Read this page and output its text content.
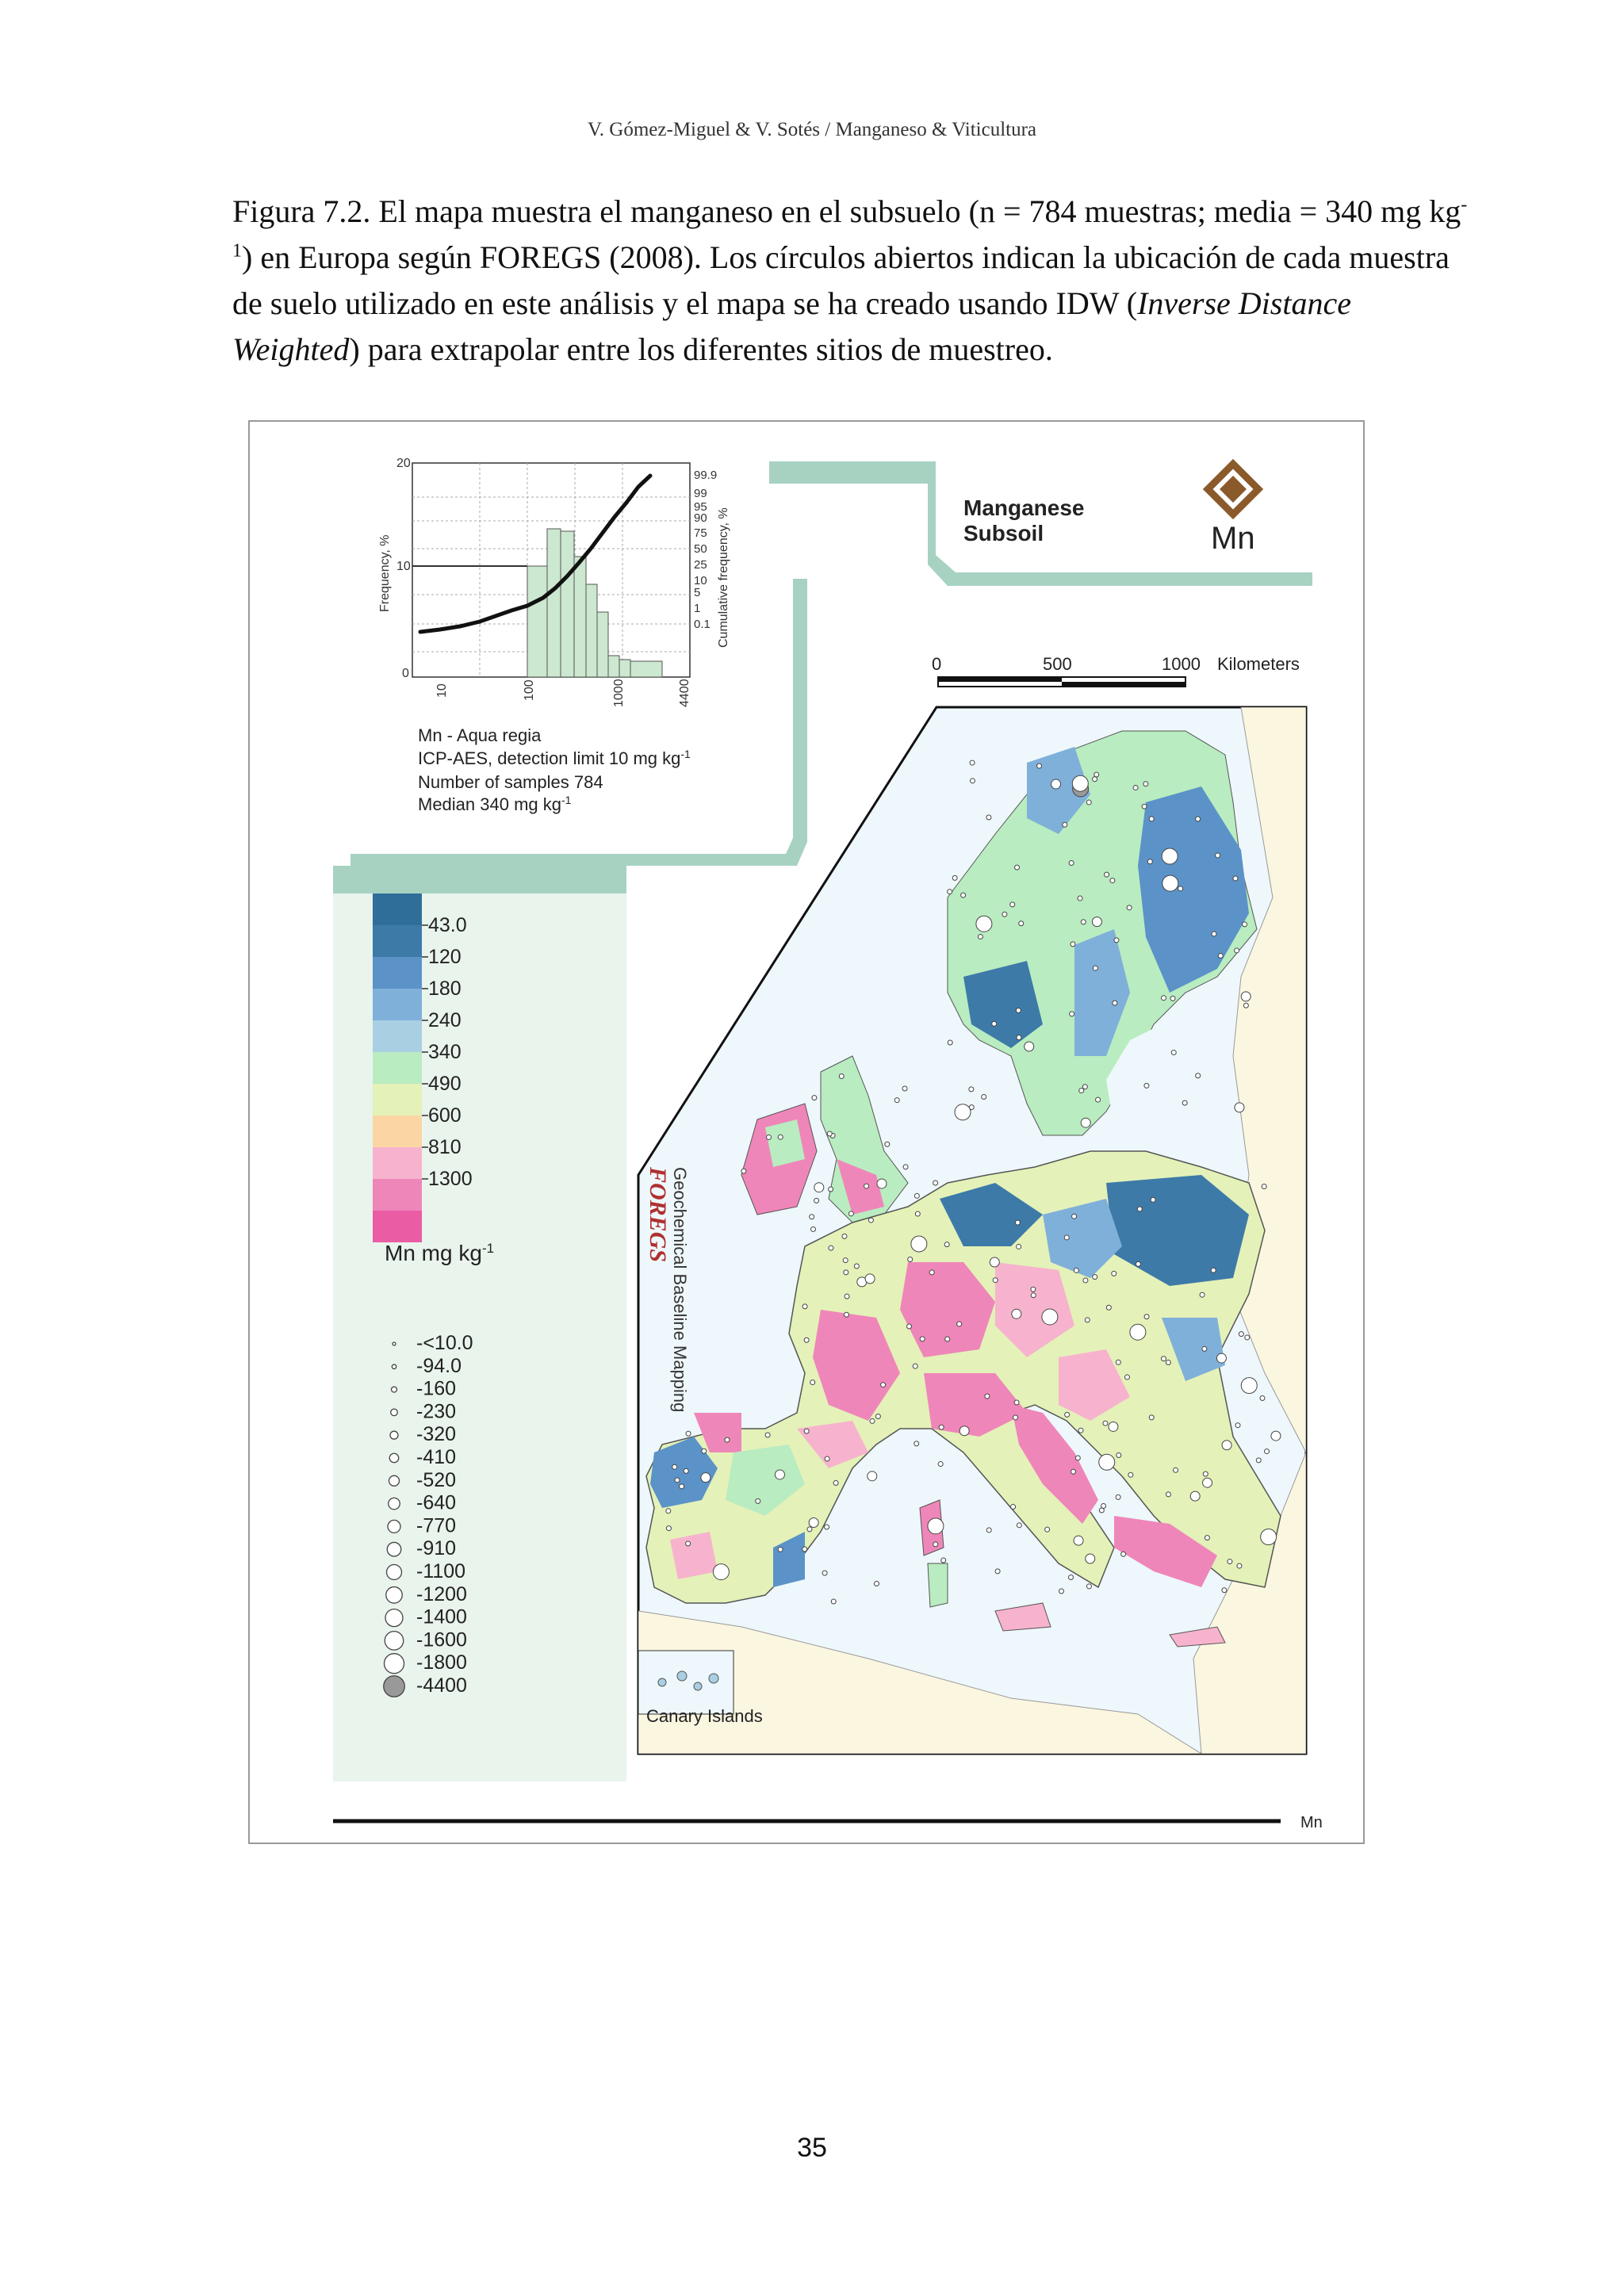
V. Gómez-Miguel & V. Sotés / Manganeso & Viticultura
Figura 7.2. El mapa muestra el manganeso en el subsuelo (n = 784 muestras; media = 340 mg $kg^{-1}$) en Europa según FOREGS (2008). Los círculos abiertos indican la ubicación de cada muestra de suelo utilizado en este análisis y el mapa se ha creado usando IDW (Inverse Distance Weighted) para extrapolar entre los diferentes sitios de muestreo.
20
10
0
Frequency, %
99.9
99
95
90
75
50
25
10
5
1
0.1 Cumulative frequency, %
10	100	1000	4400
Mn - Aqua regia
ICP-AES, detection limit 10 mg $kg^{-1}$
Number of samples 784
Median 340 mg $kg^{-1}$
Manganese
Subsoil	Mn
0	500	1000 Kilometers
43.0
120
180
240
340
490
600
810
1300
Mn mg $kg^{-1}$
-<10.0
-94.0
-160
-230
-320
-410
-520
-640
-770
-910
-1100
-1200
-1400
-1600
-1800
-4400
FOREGS Geochemical Baseline Mapping
Canary Islands
Mn
35
